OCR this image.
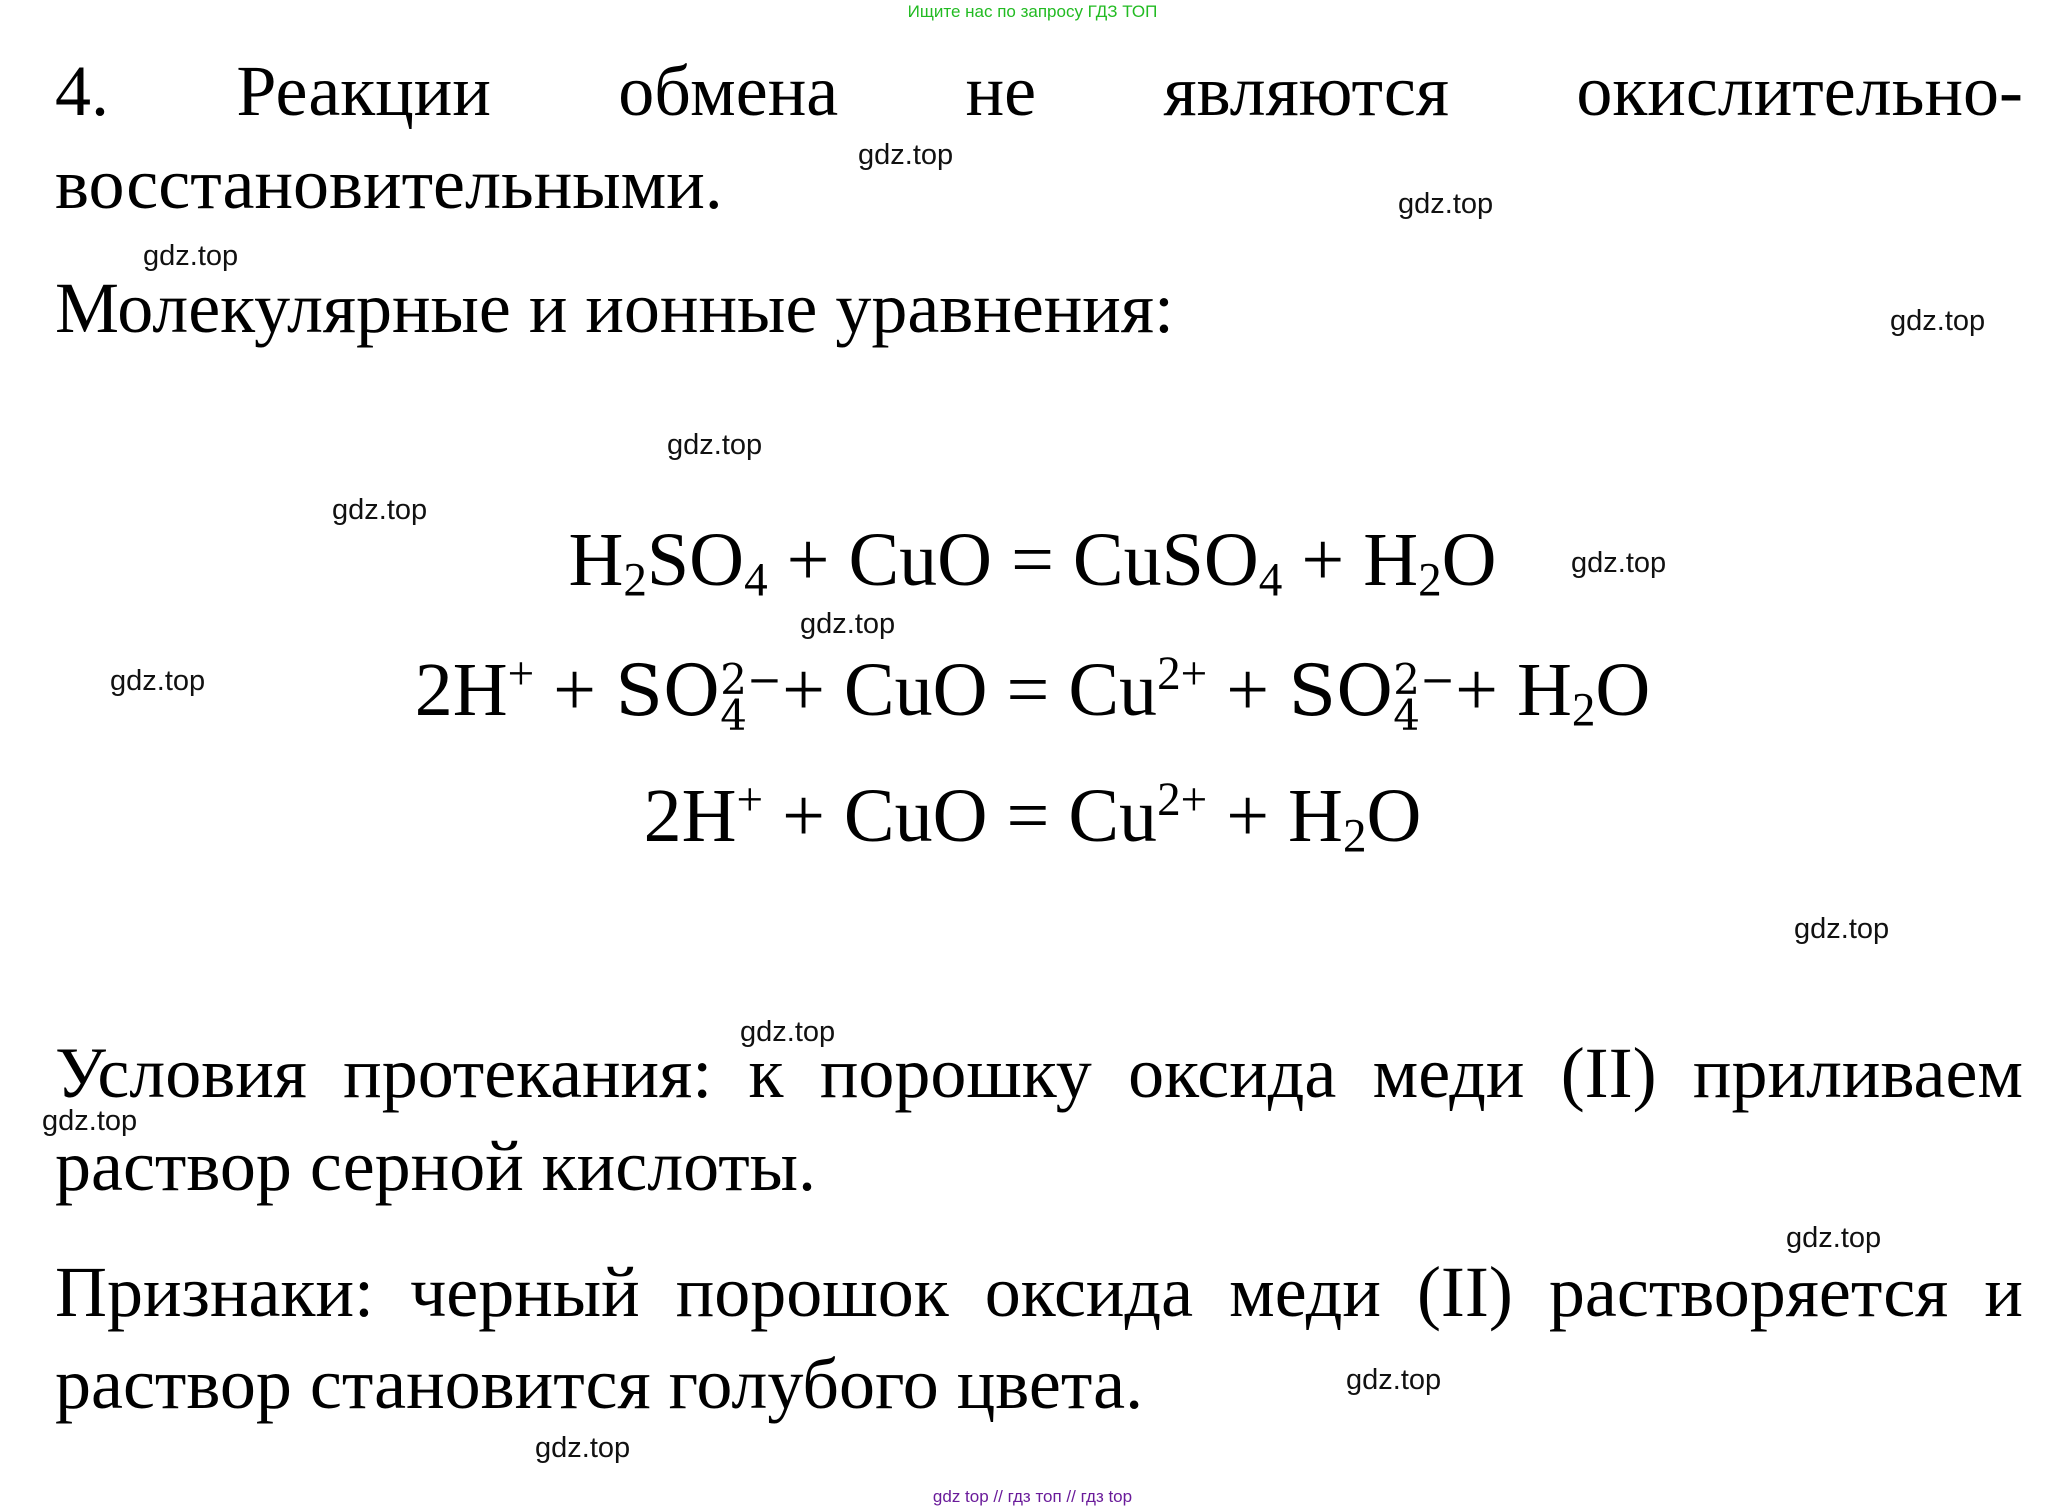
Ищите нас по запросу ГДЗ ТОП
4. Реакции обмена не являются окислительно-
восстановительными.
Молекулярные и ионные уравнения:
$H_2SO_4$ + CuO = CuSO$_4$ + $H_2O$
2H+ + SO 2−
4 + CuO = $Cu^{2+}$ + SO 2−
$4 + H_2O$
2H+ + CuO = $Cu^{2+} + H_2O$
Условия протекания: к порошку оксида меди (II) приливаем
раствор серной кислоты.
Признаки: черный порошок оксида меди (II) растворяется и
раствор становится голубого цвета.
gdz.top
gdz.top
gdz.top
gdz.top
gdz.top
gdz.top
gdz.top
gdz.top
gdz.top
gdz.top
gdz.top
gdz.top
gdz.top
gdz.top
gdz.top
gdz top // гдз топ // гдз top
